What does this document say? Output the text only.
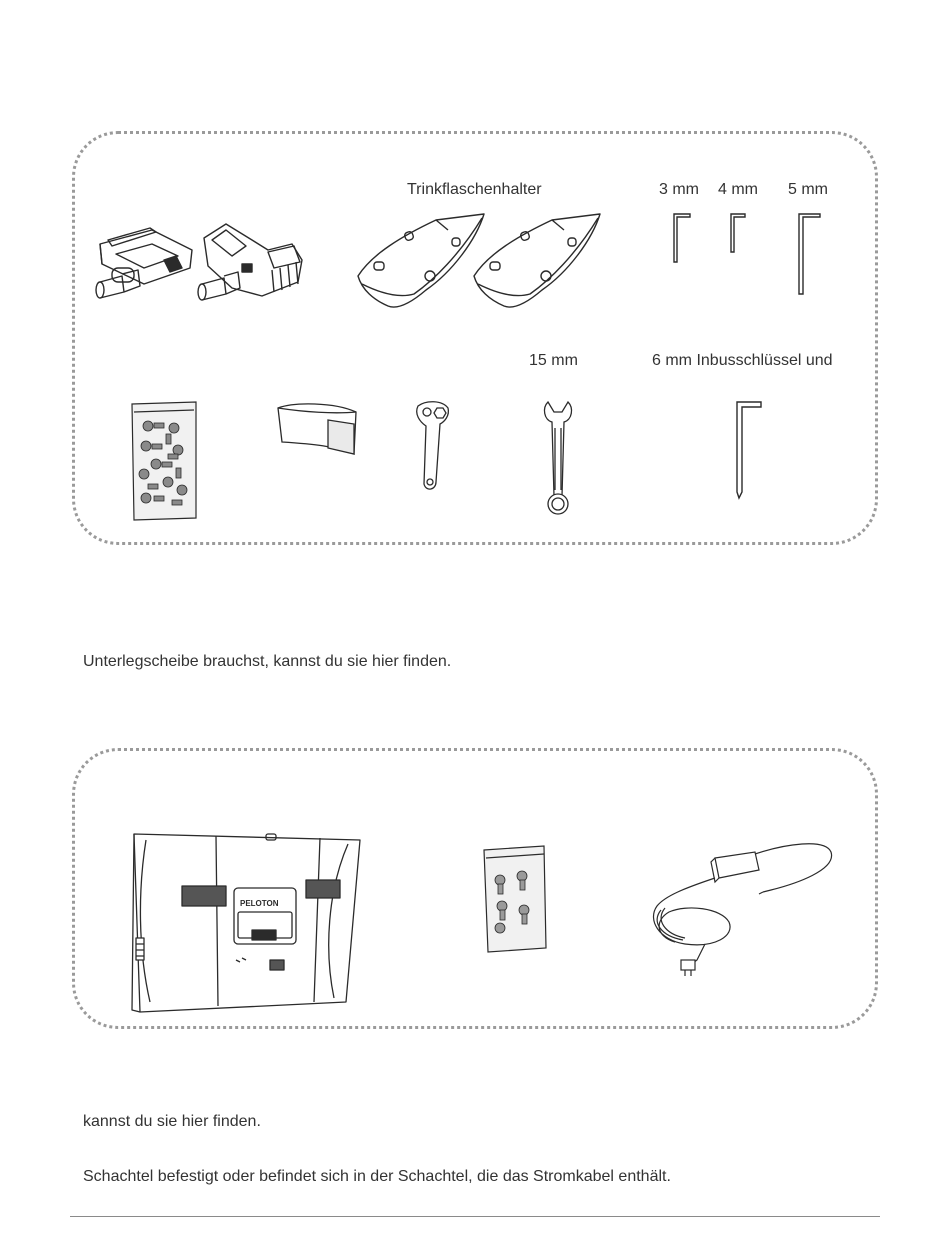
Trinkflaschenhalter	3 mm 4 mm 5 mm
15 mm	6 mm Inbusschlüssel und
Unterlegscheibe brauchst, kannst du sie hier finden.
PELOTON
kannst du sie hier finden.
Schachtel befestigt oder befindet sich in der Schachtel, die das Stromkabel enthält.
